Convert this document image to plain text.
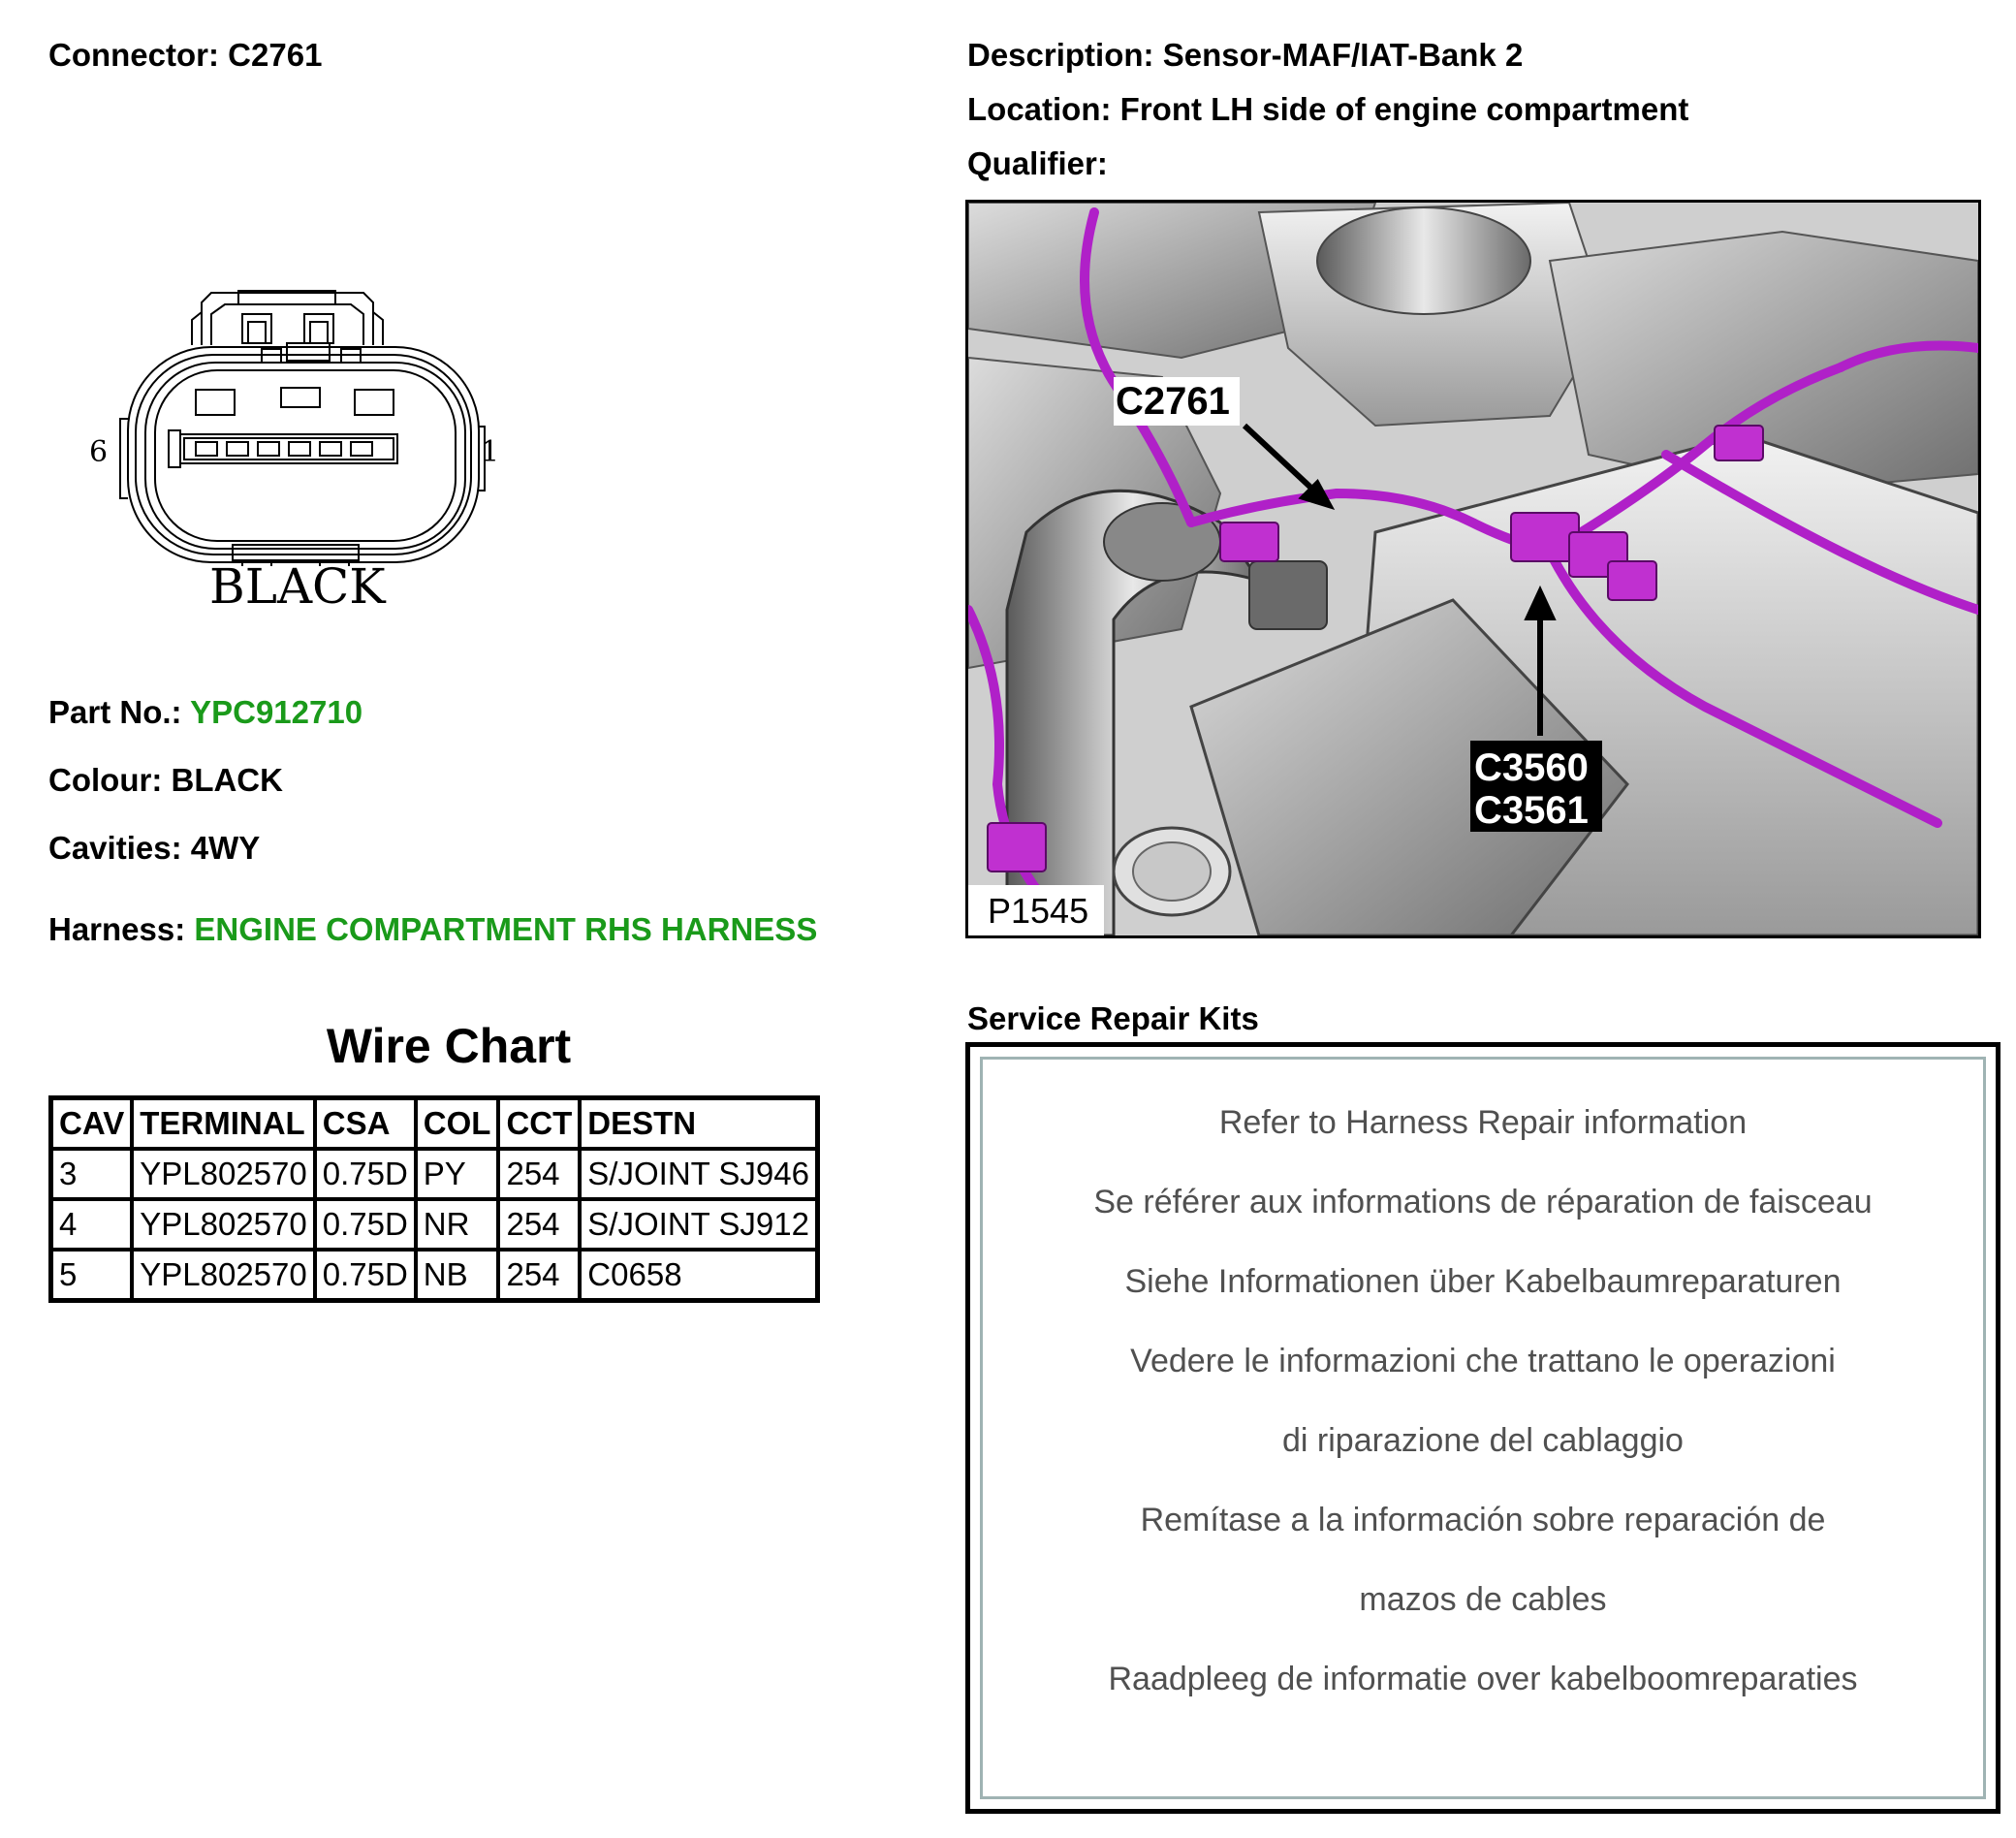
Connector: C2761	Description: Sensor-MAF/IAT-Bank 2
Location: Front LH side of engine compartment
Qualifier:
6	1
BLACK
Part No.: YPC912710
Colour: BLACK
Cavities: 4WY
Harness: ENGINE COMPARTMENT RHS HARNESS
Wire Chart
CAV	TERMINAL	CSA	COL	CCT	DESTN
3	YPL802570	0.75D	PY	254	S/JOINT SJ946
4	YPL802570	0.75D	NR	254	S/JOINT SJ912
5	YPL802570	0.75D	NB	254	C0658
C2761
C3560
C3561
P1545
Service Repair Kits
Refer to Harness Repair information
Se référer aux informations de réparation de faisceau
Siehe Informationen über Kabelbaumreparaturen
Vedere le informazioni che trattano le operazioni
di riparazione del cablaggio
Remítase a la información sobre reparación de
mazos de cables
Raadpleeg de informatie over kabelboomreparaties
